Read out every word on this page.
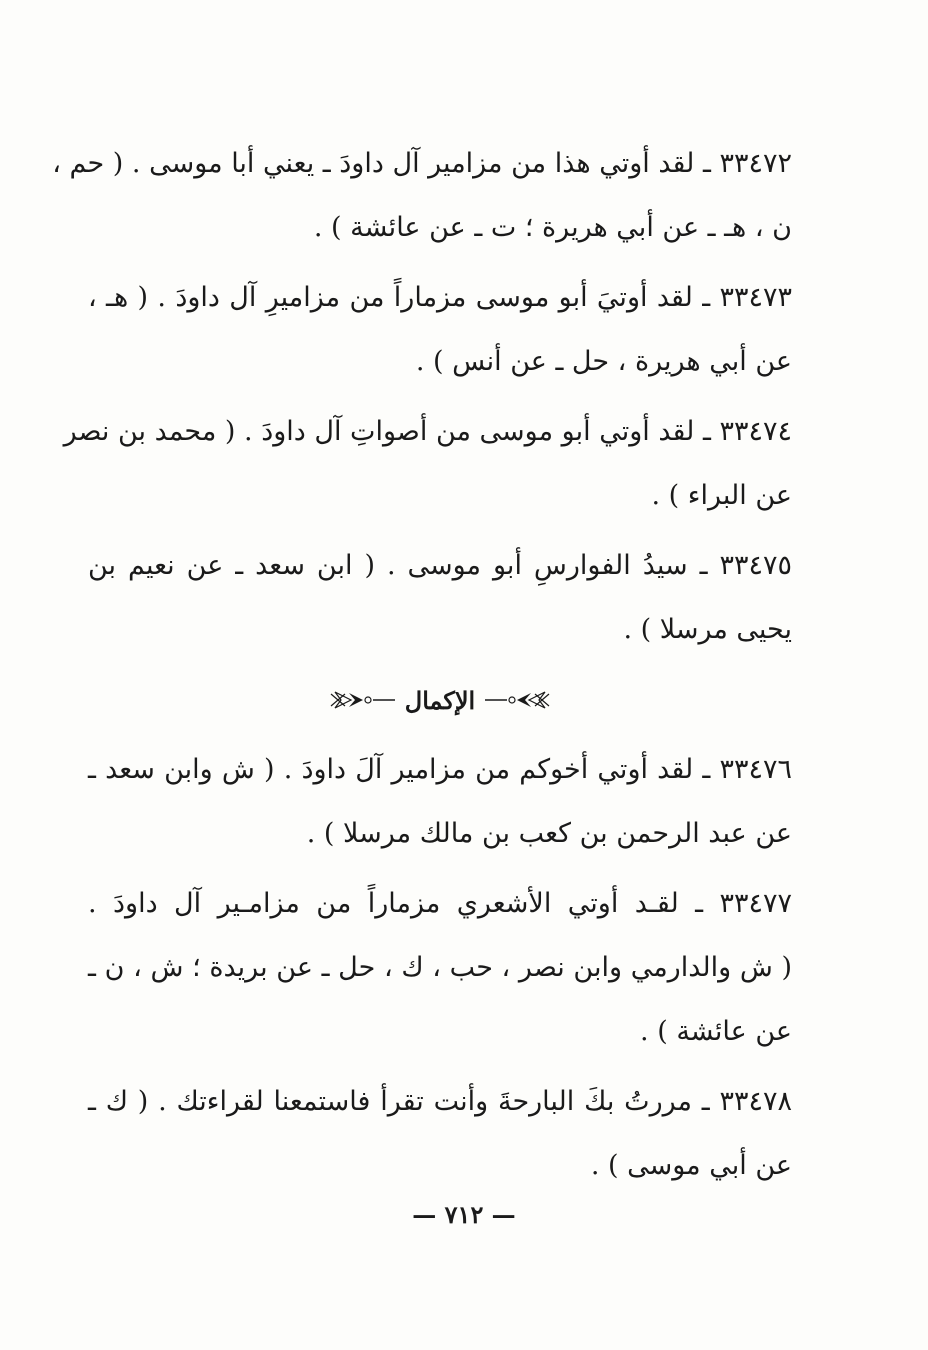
٣٣٤٧٢ ـ لقد أوتي هذا من مزامير آل داودَ ـ يعني أبا موسى . ( حم ،
ن ، هـ ـ عن أبي هريرة ؛ ت ـ عن عائشة ) .
٣٣٤٧٣ ـ لقد أوتيَ أبو موسى مزماراً من مزاميرِ آل داودَ . ( هـ ،
عن أبي هريرة ، حل ـ عن أنس ) .
٣٣٤٧٤ ـ لقد أوتي أبو موسى من أصواتِ آل داودَ . ( محمد بن نصر
عن البراء ) .
٣٣٤٧٥ ـ سيدُ الفوارسِ أبو موسى . ( ابن سعد ـ عن نعيم بن
يحيى مرسلا ) .
الإكمال
٣٣٤٧٦ ـ لقد أوتي أخوكم من مزامير آلَ داودَ . ( ش وابن سعد ـ
عن عبد الرحمن بن كعب بن مالك مرسلا ) .
٣٣٤٧٧ ـ لقـد أوتي الأشعري مزماراً من مزامـير آل داودَ .
( ش والدارمي وابن نصر ، حب ، ك ، حل ـ عن بريدة ؛ ش ، ن ـ
عن عائشة ) .
٣٣٤٧٨ ـ مررتُ بكَ البارحةَ وأنت تقرأ فاستمعنا لقراءتك . ( ك ـ
عن أبي موسى ) .
— ٧١٢ —
